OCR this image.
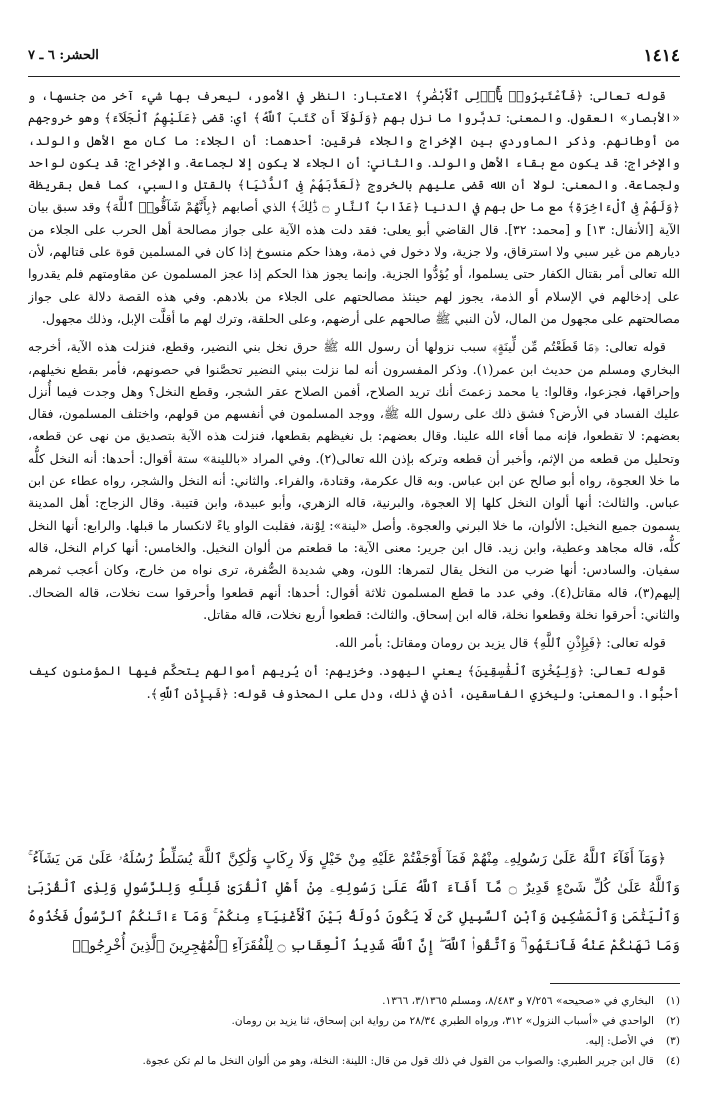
١٤١٤
الحشر: ٦ ـ ٧

قوله تعالى: ﴿فَٱعْتَبِرُوا۟ يَٰٓأُو۟لِى ٱلْأَبْصَٰرِ﴾ الاعتبار: النظر في الأمور، ليعرف بها شيء آخر من جنسها، و «الأبصار» العقول. والمعنى: تدبَّروا ما نزل بهم ﴿وَلَوْلَآ أَن كَتَبَ ٱللَّهُ﴾ أي: قضى ﴿عَلَيْهِمُ ٱلْجَلَآءَ﴾ وهو خروجهم من أوطانهم. وذكر الماوردي بين الإخراج والجلاء فرقين: أحدهما: أن الجلاء: ما كان مع الأهل والولد، والإخراج: قد يكون مع بقاء الأهل والولد. والثاني: أن الجلاء لا يكون إلا لجماعة. والإخراج: قد يكون لواحد ولجماعة. والمعنى: لولا أن الله قضى عليهم بالخروج ﴿لَعَذَّبَهُمْ فِى ٱلدُّنْيَا﴾ بالقتل والسبي، كما فعل بقريظة ﴿وَلَهُمْ فِى ٱلْءَاخِرَةِ﴾ مع ما حل بهم في الدنيا ﴿عَذَابُ ٱلنَّارِ ۝ ذَٰلِكَ﴾ الذي أصابهم ﴿بِأَنَّهُمْ شَآقُّوا۟ ٱللَّهَ﴾ وقد سبق بيان الآية [الأنفال: ١٣] و [محمد: ٣٢]. قال القاضي أبو يعلى: فقد دلت هذه الآية على جواز مصالحة أهل الحرب على الجلاء من ديارهم من غير سبي ولا استرقاق، ولا جزية، ولا دخول في ذمة، وهذا حكم منسوخ إذا كان في المسلمين قوة على قتالهم، لأن الله تعالى أمر بقتال الكفار حتى يسلموا، أو يُؤدُّوا الجزية. وإنما يجوز هذا الحكم إذا عجز المسلمون عن مقاومتهم فلم يقدروا على إدخالهم في الإسلام أو الذمة، يجوز لهم حينئذ مصالحتهم على الجلاء من بلادهم. وفي هذه القصة دلالة على جواز مصالحتهم على مجهول من المال، لأن النبي ﷺ صالحهم على أرضهم، وعلى الحلقة، وترك لهم ما أقلَّت الإبل، وذلك مجهول.

قوله تعالى: ﴿مَا قَطَعْتُم مِّن لِّينَةٍ﴾ سبب نزولها أن رسول الله ﷺ حرق نخل بني النضير، وقطع، فنزلت هذه الآية، أخرجه البخاري ومسلم من حديث ابن عمر(١). وذكر المفسرون أنه لما نزلت ببني النضير تحصَّنوا في حصونهم، فأمر بقطع نخيلهم، وإحراقها، فجزعوا، وقالوا: يا محمد زعمتَ أنك تريد الصلاح، أفمن الصلاح عقر الشجر، وقطع النخل؟ وهل وجدت فيما أُنزل عليك الفساد في الأرض؟ فشق ذلك على رسول الله ﷺ، ووجد المسلمون في أنفسهم من قولهم، واختلف المسلمون، فقال بعضهم: لا تقطعوا، فإنه مما أفاء الله علينا. وقال بعضهم: بل نغيظهم بقطعها، فنزلت هذه الآية بتصديق من نهى عن قطعه، وتحليل من قطعه من الإثم، وأخبر أن قطعه وتركه بإذن الله تعالى(٢). وفي المراد «باللينة» ستة أقوال: أحدها: أنه النخل كلُّه ما خلا العجوة، رواه أبو صالح عن ابن عباس. وبه قال عكرمة، وقتادة، والفراء. والثاني: أنه النخل والشجر، رواه عطاء عن ابن عباس. والثالث: أنها ألوان النخل كلها إلا العجوة، والبرنية، قاله الزهري، وأبو عبيدة، وابن قتيبة. وقال الزجاج: أهل المدينة يسمون جميع النخيل: الألوان، ما خلا البرني والعجوة. وأصل «لينة»: لِوْنة، فقلبت الواو ياءً لانكسار ما قبلها. والرابع: أنها النخل كلُّه، قاله مجاهد وعطية، وابن زيد. قال ابن جرير: معنى الآية: ما قطعتم من ألوان النخيل. والخامس: أنها كرام النخل، قاله سفيان. والسادس: أنها ضرب من النخل يقال لتمرها: اللون، وهي شديدة الصُّفرة، ترى نواه من خارج، وكان أعجب ثمرهم إليهم(٣)، قاله مقاتل(٤). وفي عدد ما قطع المسلمون ثلاثة أقوال: أحدها: أنهم قطعوا وأحرقوا ست نخلات، قاله الضحاك. والثاني: أحرقوا نخلة وقطعوا نخلة، قاله ابن إسحاق. والثالث: قطعوا أربع نخلات، قاله مقاتل.

قوله تعالى: ﴿فَبِإِذْنِ ٱللَّهِ﴾ قال يزيد بن رومان ومقاتل: بأمر الله.

قوله تعالى: ﴿وَلِيُخْزِىَ ٱلْفَٰسِقِينَ﴾ يعني اليهود. وخزيهم: أن يُريهم أموالهم يتحكَّم فيها المؤمنون كيف أحبُّوا. والمعنى: وليخزي الفاسقين، أذن في ذلك، ودل على المحذوف قوله: ﴿فَبِإِذْنِ ٱللَّهِ﴾.

﴿وَمَآ أَفَآءَ ٱللَّهُ عَلَىٰ رَسُولِهِۦ مِنْهُمْ فَمَآ أَوْجَفْتُمْ عَلَيْهِ مِنْ خَيْلٍ وَلَا رِكَابٍ وَلَٰكِنَّ ٱللَّهَ يُسَلِّطُ رُسُلَهُۥ عَلَىٰ مَن يَشَآءُ ۚ وَٱللَّهُ عَلَىٰ كُلِّ شَىْءٍ قَدِيرٌ ۝ مَّآ أَفَآءَ ٱللَّهُ عَلَىٰ رَسُولِهِۦ مِنْ أَهْلِ ٱلْقُرَىٰ فَلِلَّهِ وَلِلرَّسُولِ وَلِذِى ٱلْقُرْبَىٰ وَٱلْيَتَٰمَىٰ وَٱلْمَسَٰكِينِ وَٱبْنِ ٱلسَّبِيلِ كَىْ لَا يَكُونَ دُولَةًۢ بَيْنَ ٱلْأَغْنِيَآءِ مِنكُمْ ۚ وَمَآ ءَاتَىٰكُمُ ٱلرَّسُولُ فَخُذُوهُ وَمَا نَهَىٰكُمْ عَنْهُ فَٱنتَهُوا۟ ۚ وَٱتَّقُوا۟ ٱللَّهَ ۖ إِنَّ ٱللَّهَ شَدِيدُ ٱلْعِقَابِ ۝ لِلْفُقَرَآءِ ٱلْمُهَٰجِرِينَ ٱلَّذِينَ أُخْرِجُوا۟
(١)
البخاري في «صحيحه» ٧/٢٥٦ و ٨/٤٨٣، ومسلم ٣/١٣٦٥، ١٣٦٦.
(٢)
الواحدي في «أسباب النزول» ٣١٢، ورواه الطبري ٢٨/٣٤ من رواية ابن إسحاق، ثنا يزيد بن رومان.
(٣)
في الأصل: إليه.
(٤)
قال ابن جرير الطبري: والصواب من القول في ذلك قول من قال: اللينة: النخلة، وهو من ألوان النخل ما لم تكن عجوة.
